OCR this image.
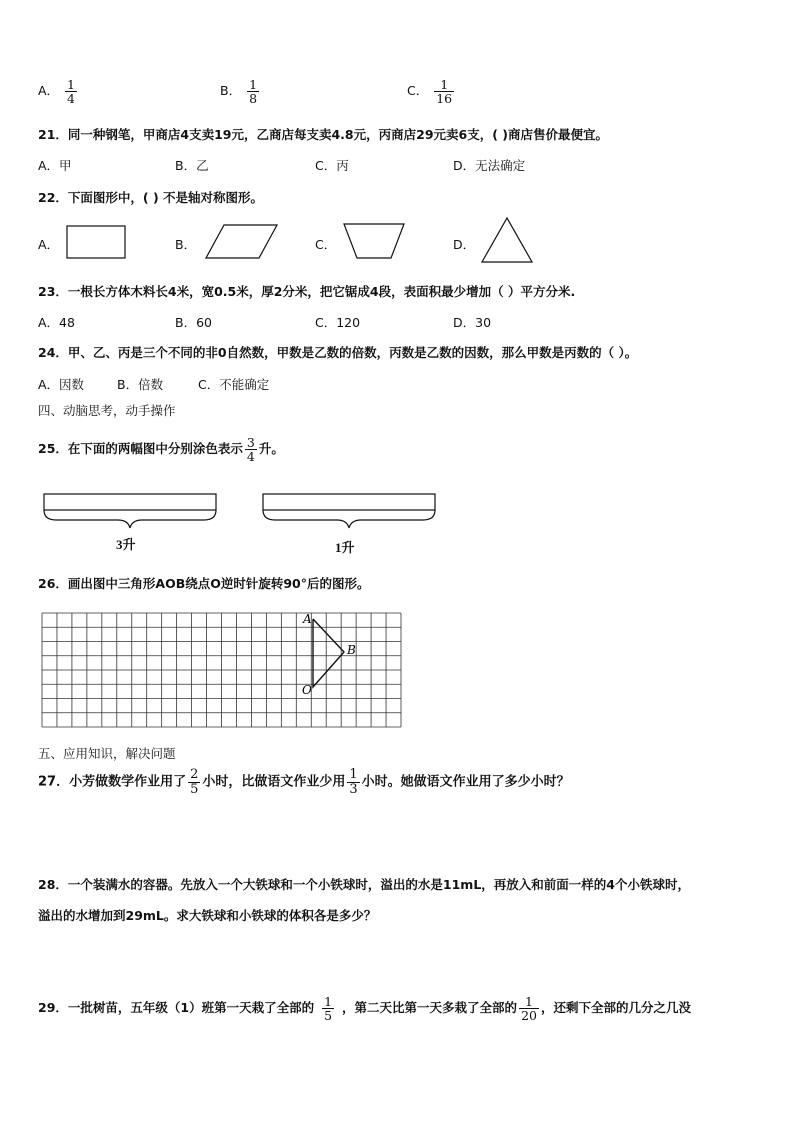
A． $\frac{1}{4}$	B． $\frac{1}{8}$	C． $\frac{1}{16}$
21．同一种钢笔，甲商店4支卖19元，乙商店每支卖4.8元，丙商店29元卖6支，( )商店售价最便宜。
A．甲	B．乙	C．丙	D．无法确定
22．下面图形中，( ) 不是轴对称图形。
A．	B．	C．	D．
23．一根长方体木料长4米，宽0.5米，厚2分米，把它锯成4段，表面积最少增加（ ）平方分米.
A．48	B．60	C．120	D．30
24．甲、乙、丙是三个不同的非0自然数，甲数是乙数的倍数，丙数是乙数的因数，那么甲数是丙数的（ ）。
A．因数	B．倍数	C．不能确定
四、动脑思考，动手操作
25．在下面的两幅图中分别涂色表示 $\frac{3}{4}$ 升。
3升	1升
26．画出图中三角形AOB绕点O逆时针旋转90°后的图形。
A
B
O
五、应用知识，解决问题
27．小芳做数学作业用了 $\frac{2}{5}$ 小时，比做语文作业少用 $\frac{1}{3}$ 小时。她做语文作业用了多少小时？
28．一个装满水的容器。先放入一个大铁球和一个小铁球时，溢出的水是11mL，再放入和前面一样的4个小铁球时，
溢出的水增加到29mL。求大铁球和小铁球的体积各是多少？
29．一批树苗，五年级（1）班第一天栽了全部的 $\frac{1}{5}$ ，第二天比第一天多栽了全部的 $\frac{1}{20}$ ，还剩下全部的几分之几没
